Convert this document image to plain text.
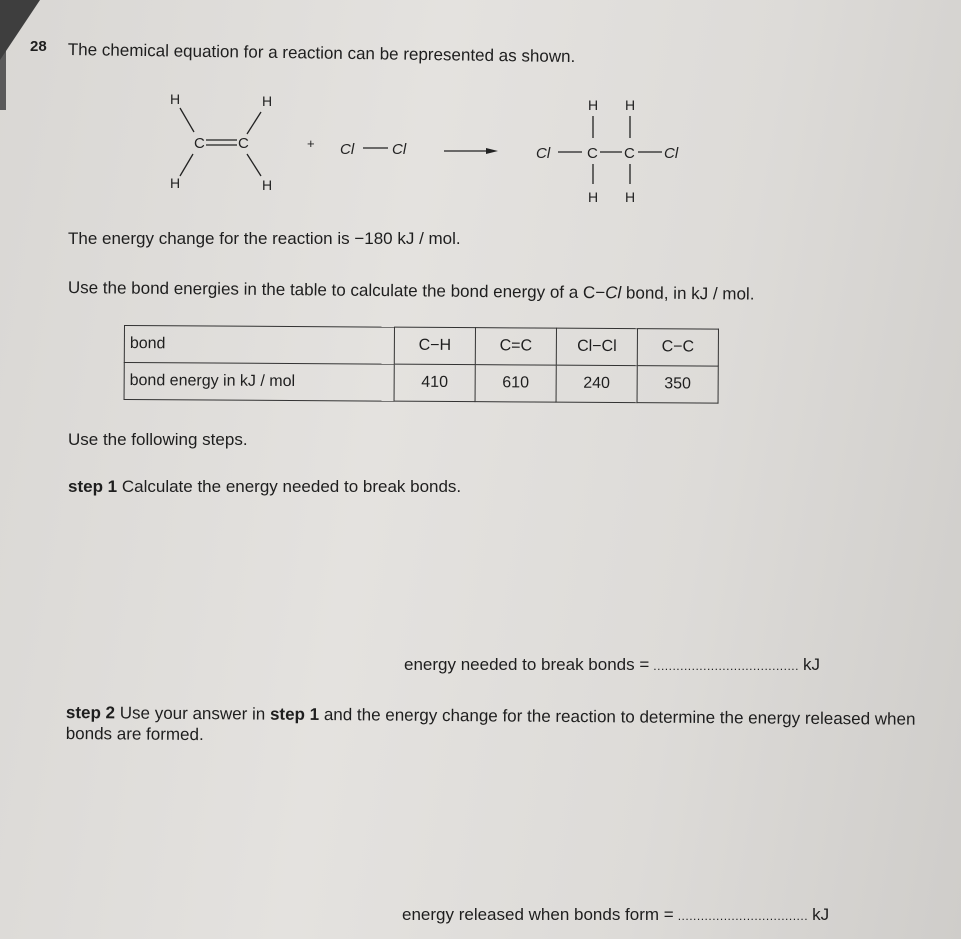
28 The chemical equation for a reaction can be represented as shown.
H	H
C C
H	H
+ Cl	Cl
H H
Cl C C Cl
H H
The energy change for the reaction is −180 kJ / mol.
Use the bond energies in the table to calculate the bond energy of a C−Cl bond, in kJ / mol.
bond	C−H	C=C	Cl−Cl	C−C
bond energy in kJ / mol	410	610	240	350
Use the following steps.
step 1 Calculate the energy needed to break bonds.
energy needed to break bonds = ...................................... kJ
step 2 Use your answer in step 1 and the energy change for the reaction to determine the energy released when bonds are formed.
energy released when bonds form = .................................. kJ
